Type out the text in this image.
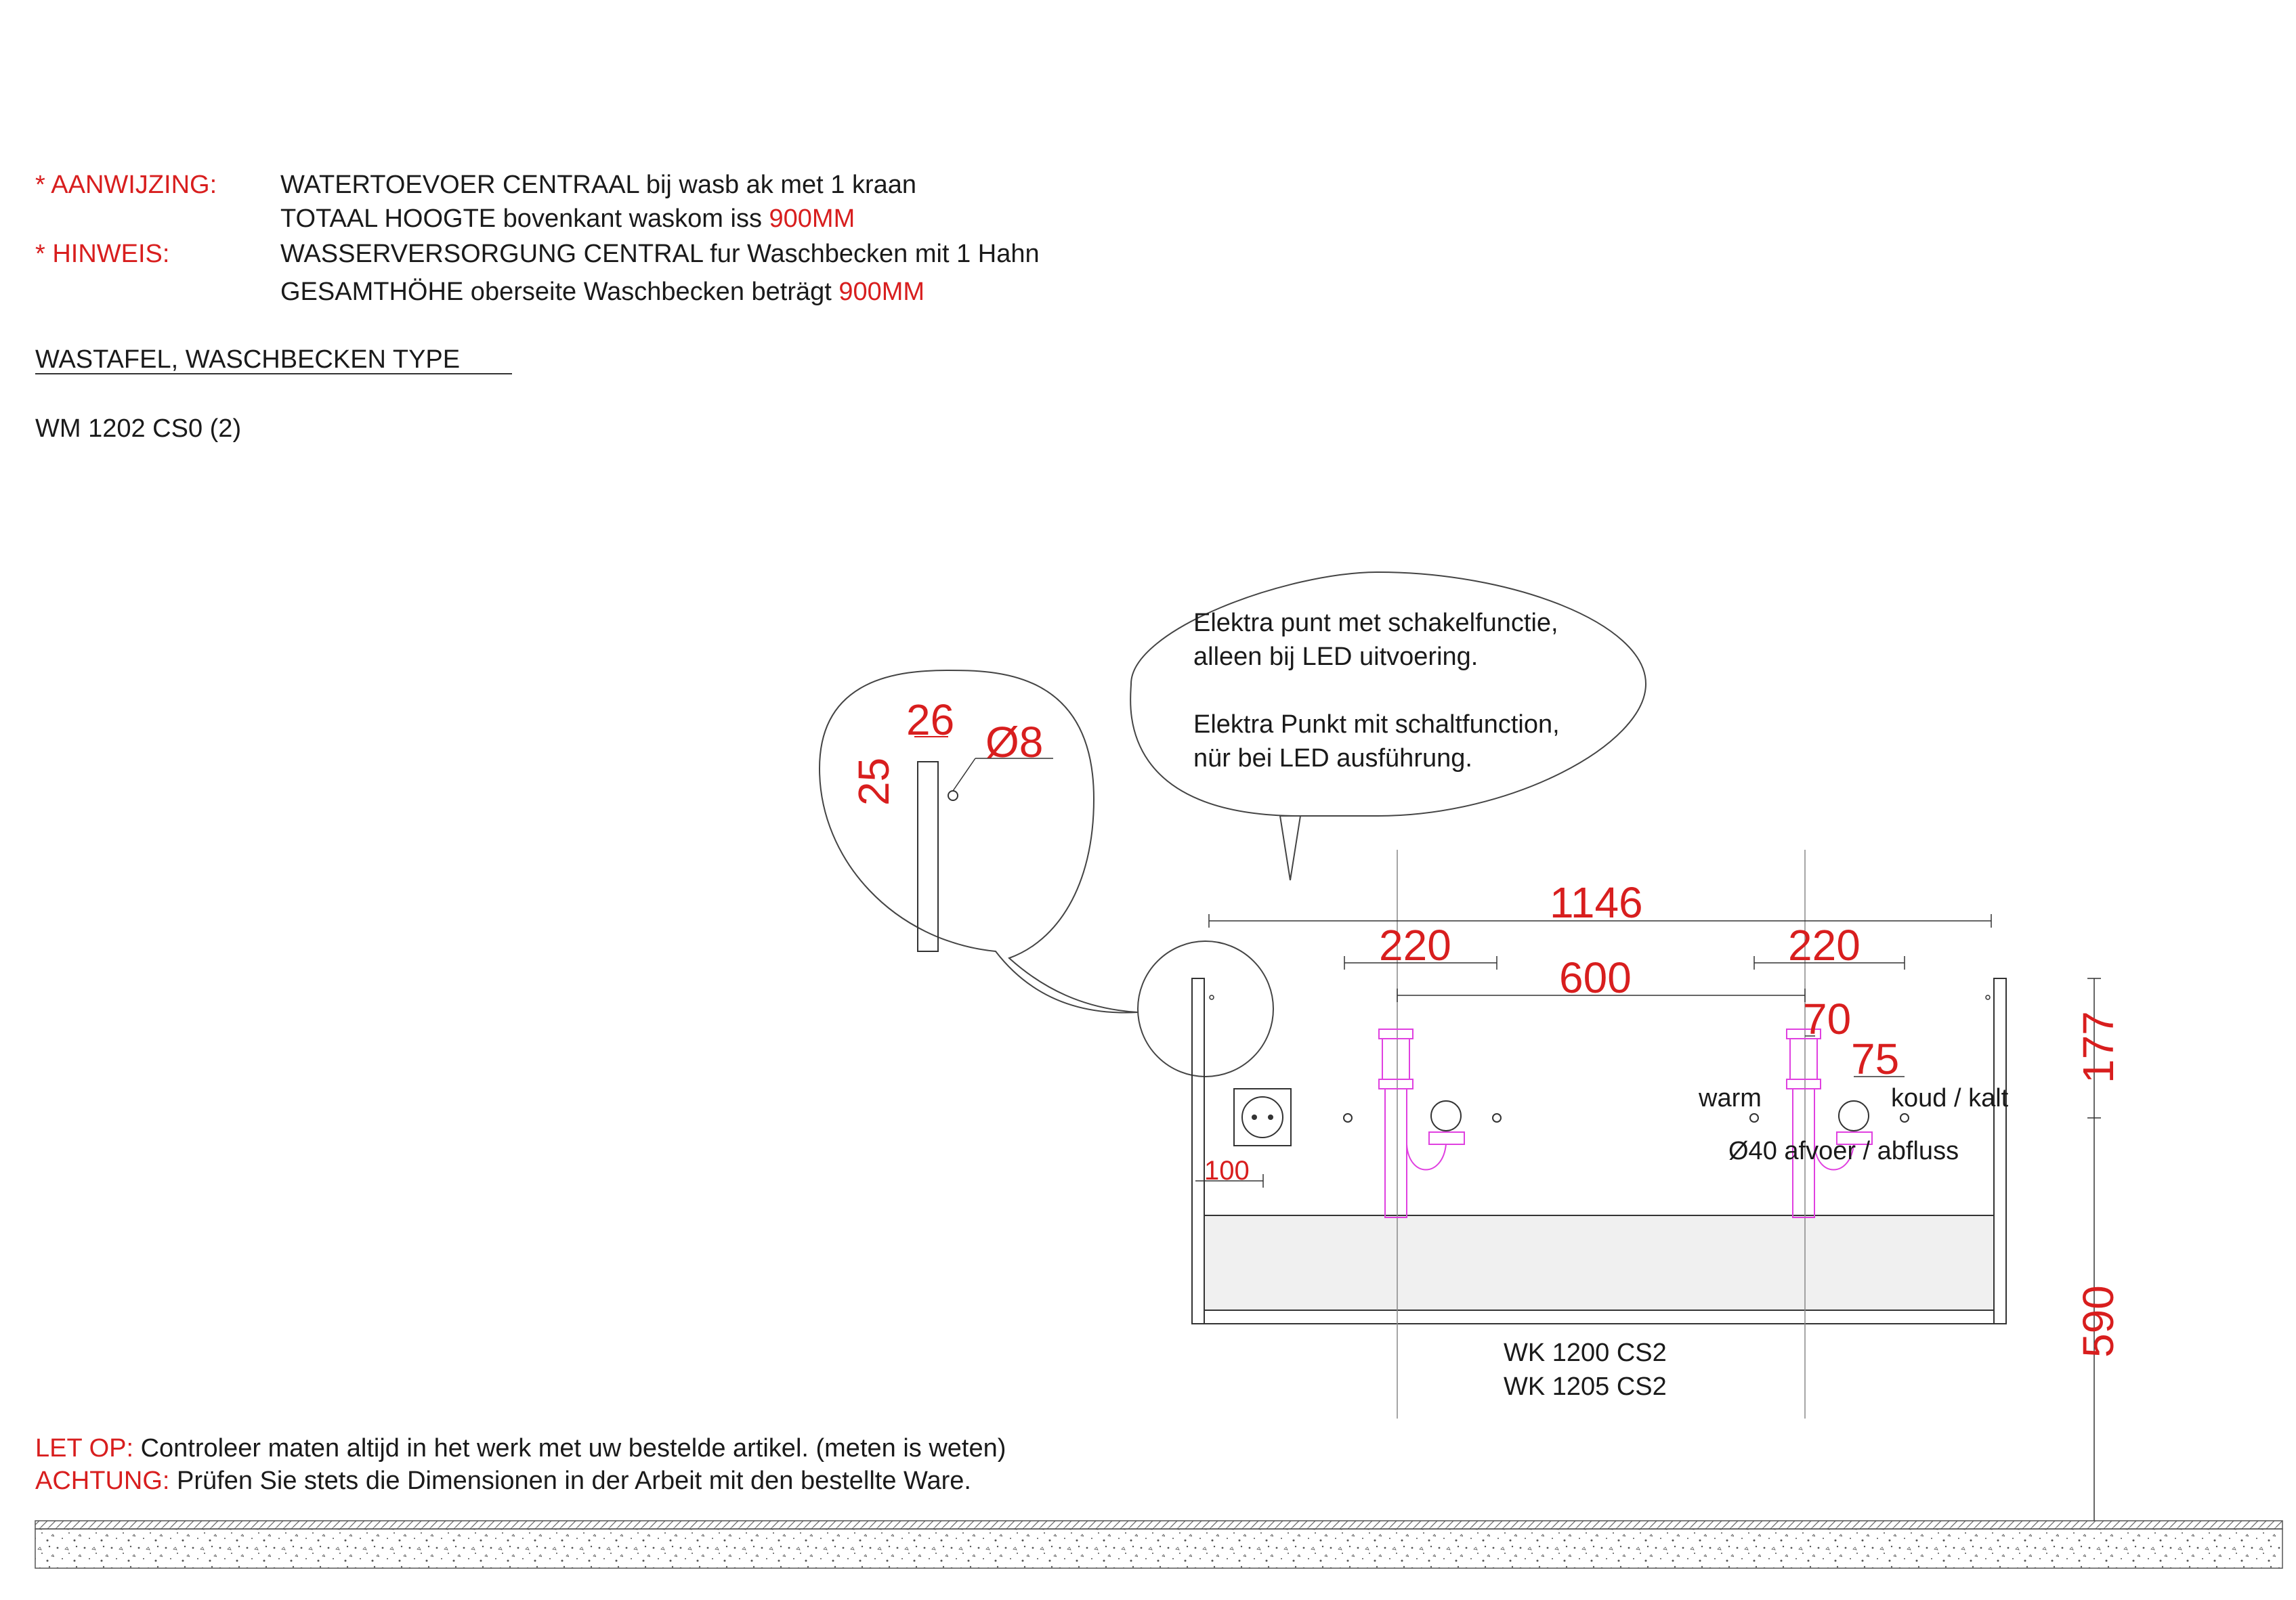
* AANWIJZING: WATERTOEVOER CENTRAAL bij wasb ak met 1 kraan
TOTAAL HOOGTE bovenkant waskom iss 900MM
* HINWEIS:	WASSERVERSORGUNG CENTRAL fur Waschbecken mit 1 Hahn
GESAMTHÖHE oberseite Waschbecken beträgt 900MM
WASTAFEL, WASCHBECKEN TYPE
WM 1202 CS0 (2)
LET OP: Controleer maten altijd in het werk met uw bestelde artikel. (meten is weten)
ACHTUNG: Prüfen Sie stets die Dimensionen in der Arbeit mit den bestellte Ware.
Elektra punt met schakelfunctie,
alleen bij LED uitvoering.
Elektra Punkt mit schaltfunction,
nür bei LED ausführung.
26 Ø8
25
1146
220	220
600
70
75
100
177
590
warm	koud / kalt
Ø40 afvoer / abfluss
WK 1200 CS2
WK 1205 CS2
